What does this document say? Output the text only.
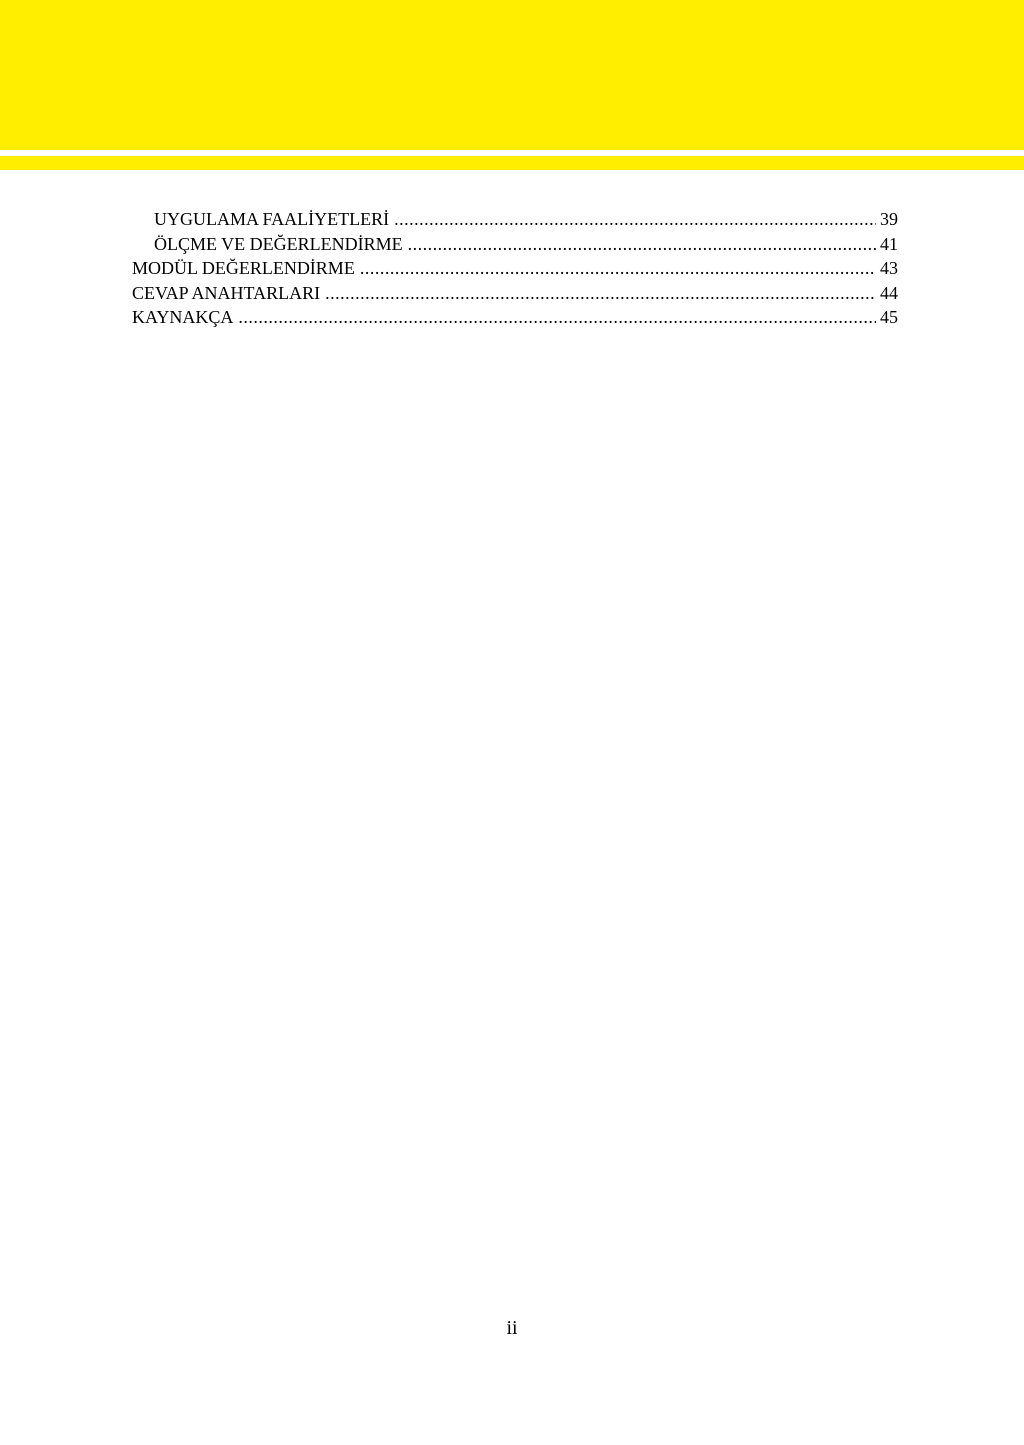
UYGULAMA FAALİYETLERİ .....	39
ÖLÇME VE DEĞERLENDİRME .....	41
MODÜL DEĞERLENDİRME .....	43
CEVAP ANAHTARLARI .....	44
KAYNAKÇA .....	45
ii
